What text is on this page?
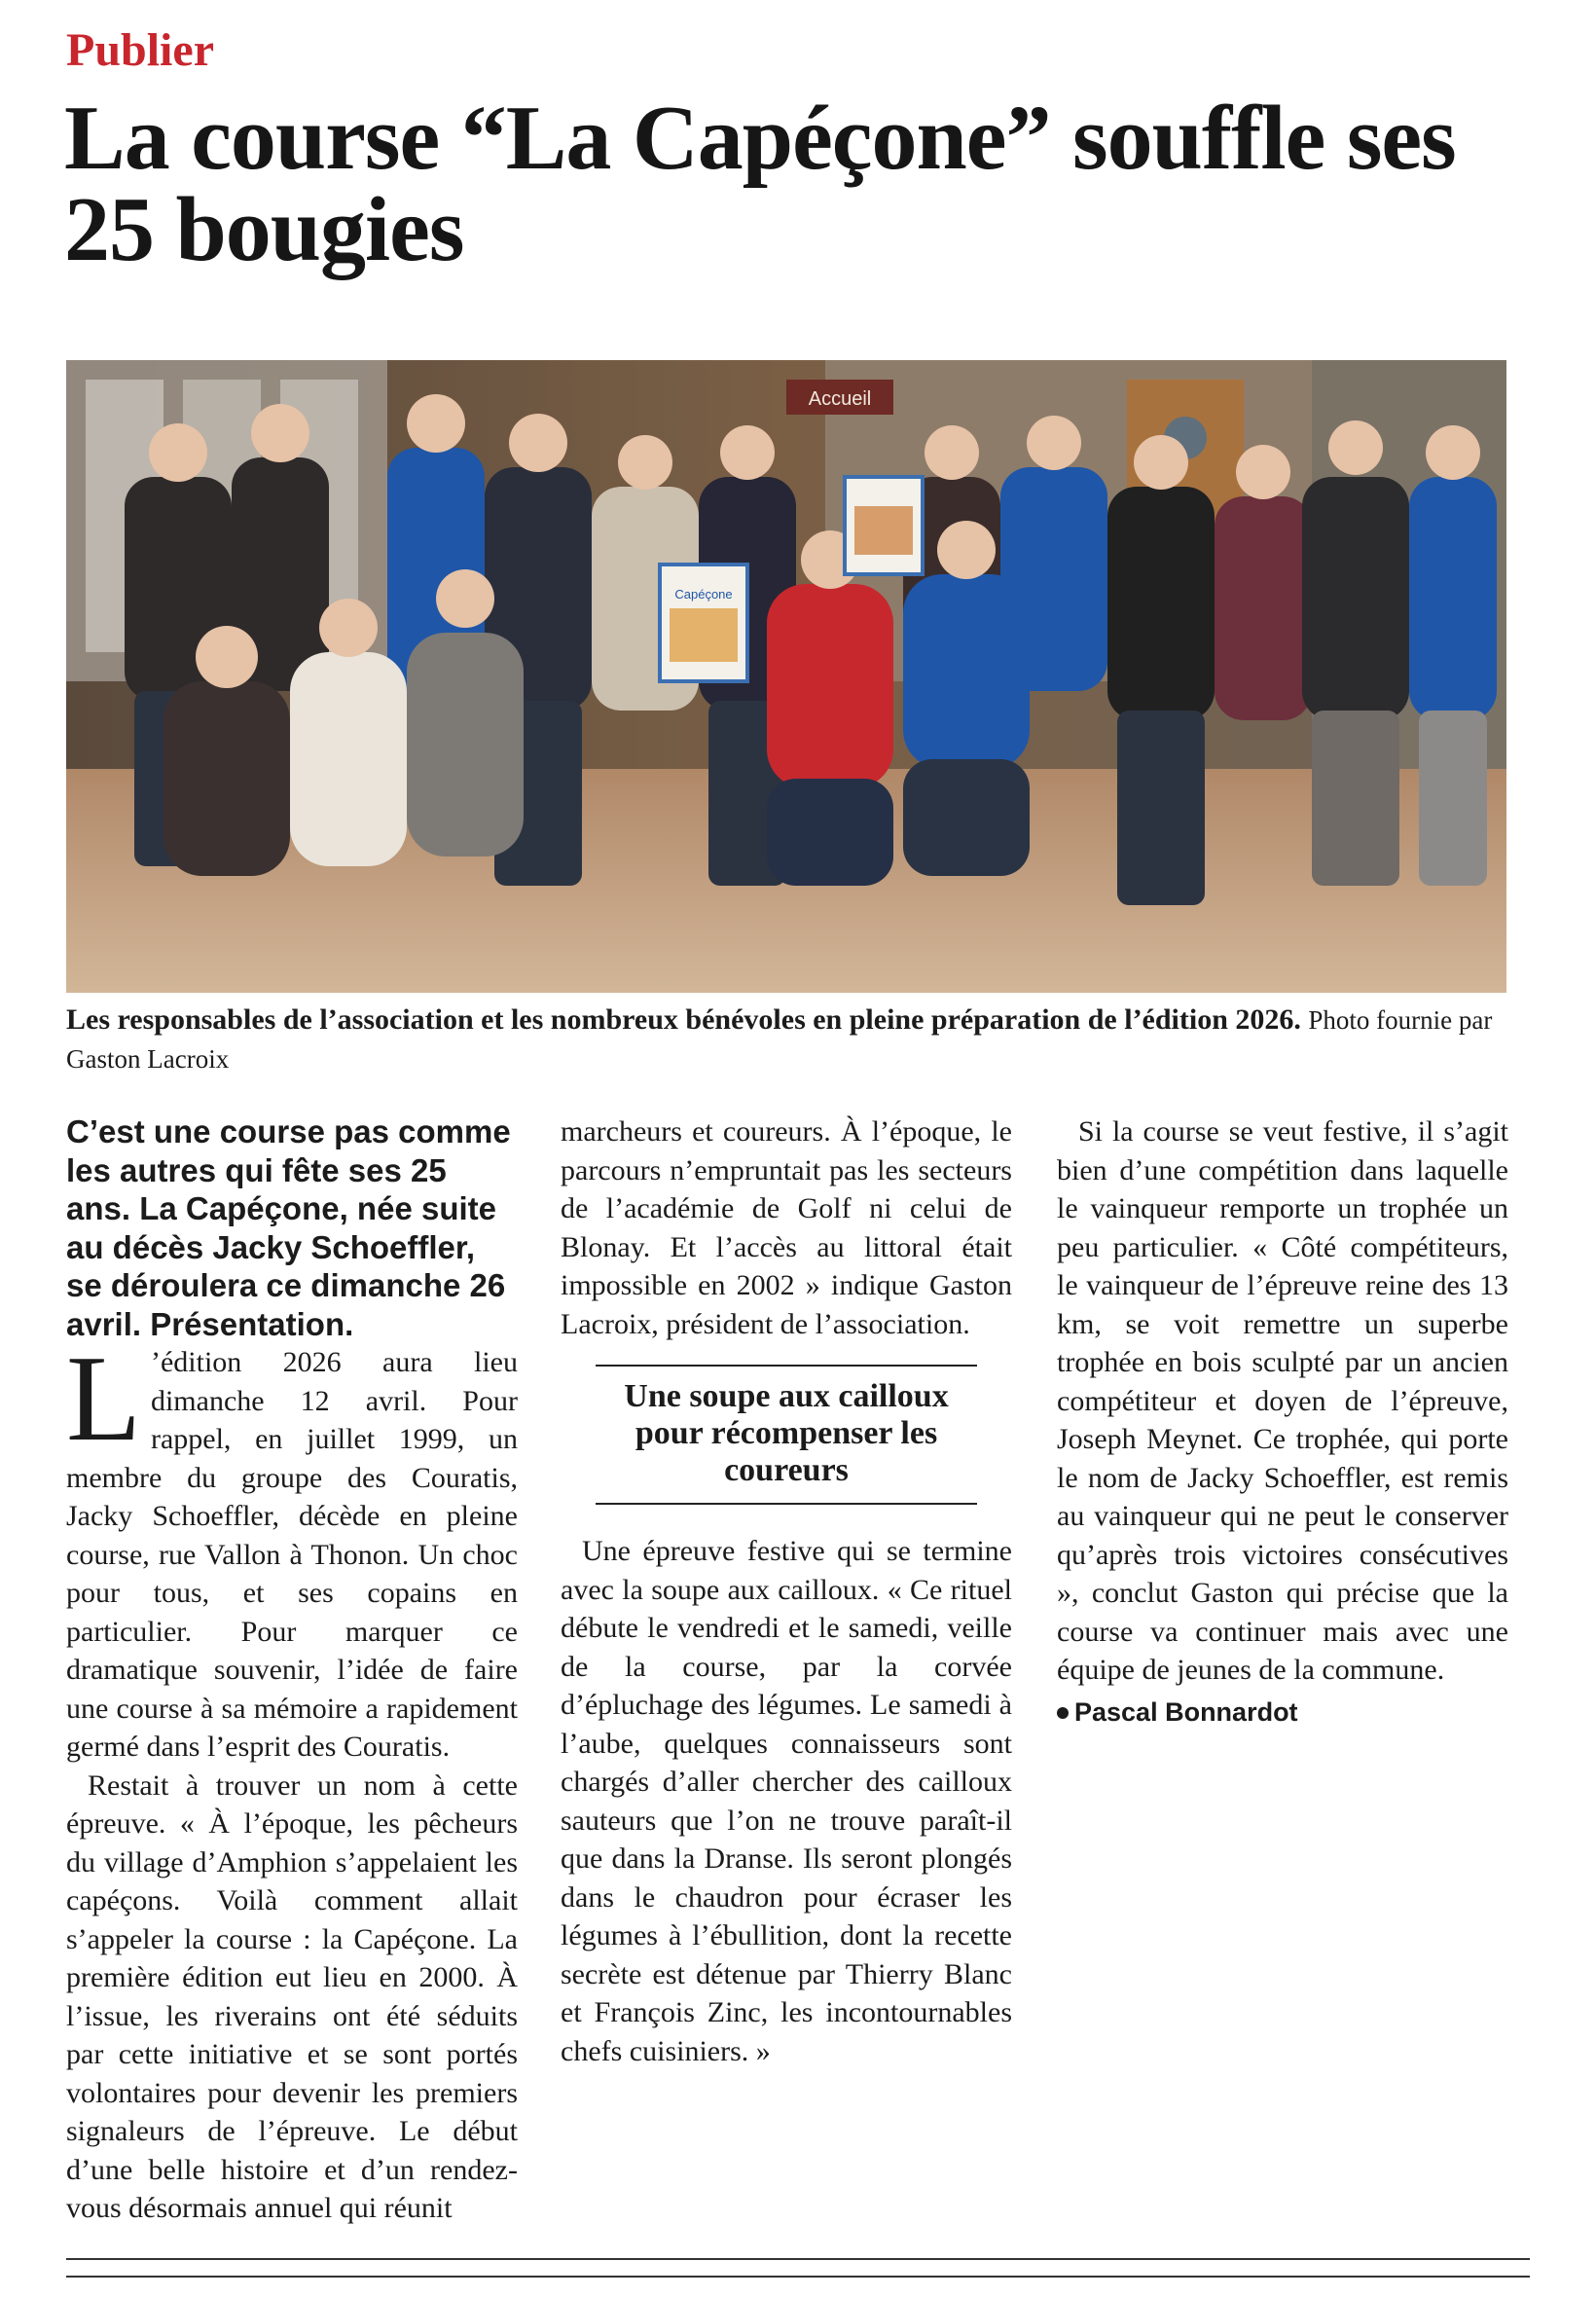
Publier
La course “La Capéçone” souffle ses 25 bougies
Accueil
Capéçone
Les responsables de l’association et les nombreux bénévoles en pleine préparation de l’édition 2026. Photo fournie par Gaston Lacroix

C’est une course pas comme les autres qui fête ses 25 ans. La Capéçone, née suite au décès Jacky Schoeffler, se déroulera ce dimanche 26 avril. Présentation.

L ’édition 2026 aura lieu dimanche 12 avril. Pour rappel, en juillet 1999, un membre du groupe des Couratis, Jacky Schoeffler, décède en pleine course, rue Vallon à Thonon. Un choc pour tous, et ses copains en particulier. Pour marquer ce dramatique souvenir, l’idée de faire une course à sa mémoire a rapidement germé dans l’esprit des Couratis.

Restait à trouver un nom à cette épreuve. « À l’époque, les pêcheurs du village d’Amphion s’appelaient les capéçons. Voilà comment allait s’appeler la course : la Capéçone. La première édition eut lieu en 2000. À l’issue, les riverains ont été séduits par cette initiative et se sont portés volontaires pour devenir les premiers signaleurs de l’épreuve. Le début d’une belle histoire et d’un rendez-vous désormais annuel qui réunit

marcheurs et coureurs. À l’époque, le parcours n’empruntait pas les secteurs de l’académie de Golf ni celui de Blonay. Et l’accès au littoral était impossible en 2002 » indique Gaston Lacroix, président de l’association.

Une soupe aux cailloux pour récompenser les coureurs

Une épreuve festive qui se termine avec la soupe aux cailloux. « Ce rituel débute le vendredi et le samedi, veille de la course, par la corvée d’épluchage des légumes. Le samedi à l’aube, quelques connaisseurs sont chargés d’aller chercher des cailloux sauteurs que l’on ne trouve paraît-il que dans la Dranse. Ils seront plongés dans le chaudron pour écraser les légumes à l’ébullition, dont la recette secrète est détenue par Thierry Blanc et François Zinc, les incontournables chefs cuisiniers. »

Si la course se veut festive, il s’agit bien d’une compétition dans laquelle le vainqueur remporte un trophée un peu particulier. « Côté compétiteurs, le vainqueur de l’épreuve reine des 13 km, se voit remettre un superbe trophée en bois sculpté par un ancien compétiteur et doyen de l’épreuve, Joseph Meynet. Ce trophée, qui porte le nom de Jacky Schoeffler, est remis au vainqueur qui ne peut le conserver qu’après trois victoires consécutives », conclut Gaston qui précise que la course va continuer mais avec une équipe de jeunes de la commune.

Pascal Bonnardot
